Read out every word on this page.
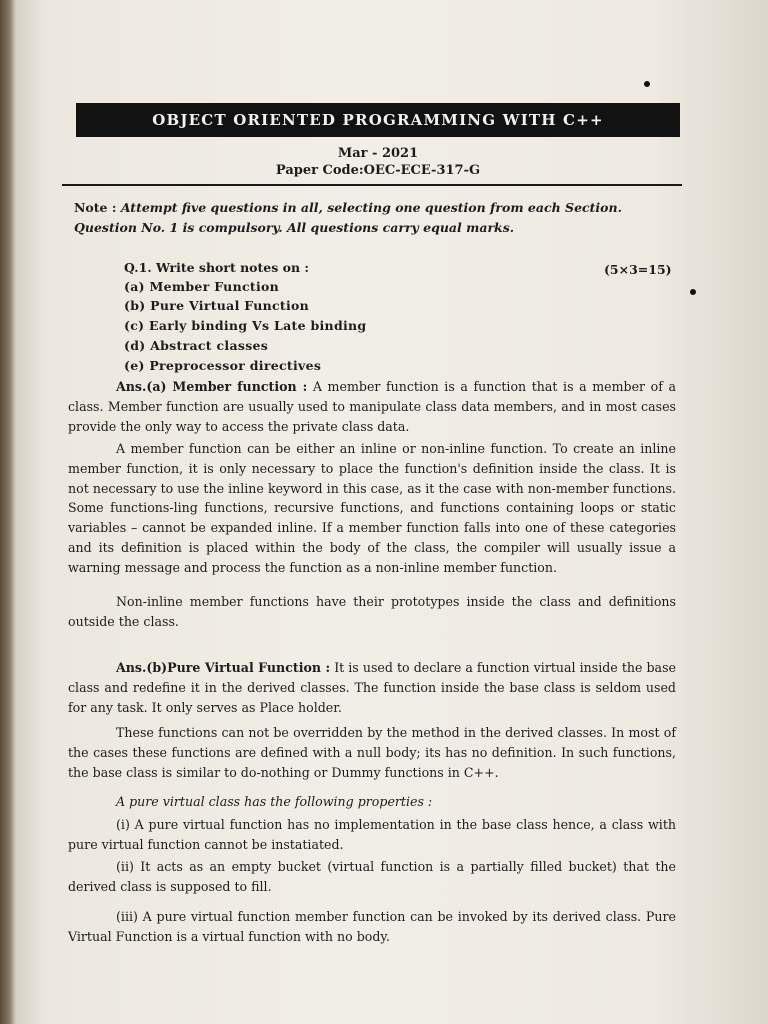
OBJECT ORIENTED PROGRAMMING WITH C++
Mar - 2021
Paper Code:OEC-ECE-317-G
Note : Attempt five questions in all, selecting one question from each Section. Question No. 1 is compulsory. All questions carry equal marks.
Q.1. Write short notes on :	(5×3=15)
(a) Member Function
(b) Pure Virtual Function
(c) Early binding Vs Late binding
(d) Abstract classes
(e) Preprocessor directives
Ans.(a) Member function : A member function is a function that is a member of a class. Member function are usually used to manipulate class data members, and in most cases provide the only way to access the private class data.
A member function can be either an inline or non-inline function. To create an inline member function, it is only necessary to place the function's definition inside the class. It is not necessary to use the inline keyword in this case, as it the case with non-member functions. Some functions-ling functions, recursive functions, and functions containing loops or static variables – cannot be expanded inline. If a member function falls into one of these categories and its definition is placed within the body of the class, the compiler will usually issue a warning message and process the function as a non-inline member function.
Non-inline member functions have their prototypes inside the class and definitions outside the class.
Ans.(b)Pure Virtual Function : It is used to declare a function virtual inside the base class and redefine it in the derived classes. The function inside the base class is seldom used for any task. It only serves as Place holder.
These functions can not be overridden by the method in the derived classes. In most of the cases these functions are defined with a null body; its has no definition. In such functions, the base class is similar to do-nothing or Dummy functions in C++.
A pure virtual class has the following properties :
(i) A pure virtual function has no implementation in the base class hence, a class with pure virtual function cannot be instatiated.
(ii) It acts as an empty bucket (virtual function is a partially filled bucket) that the derived class is supposed to fill.
(iii) A pure virtual function member function can be invoked by its derived class. Pure Virtual Function is a virtual function with no body.
